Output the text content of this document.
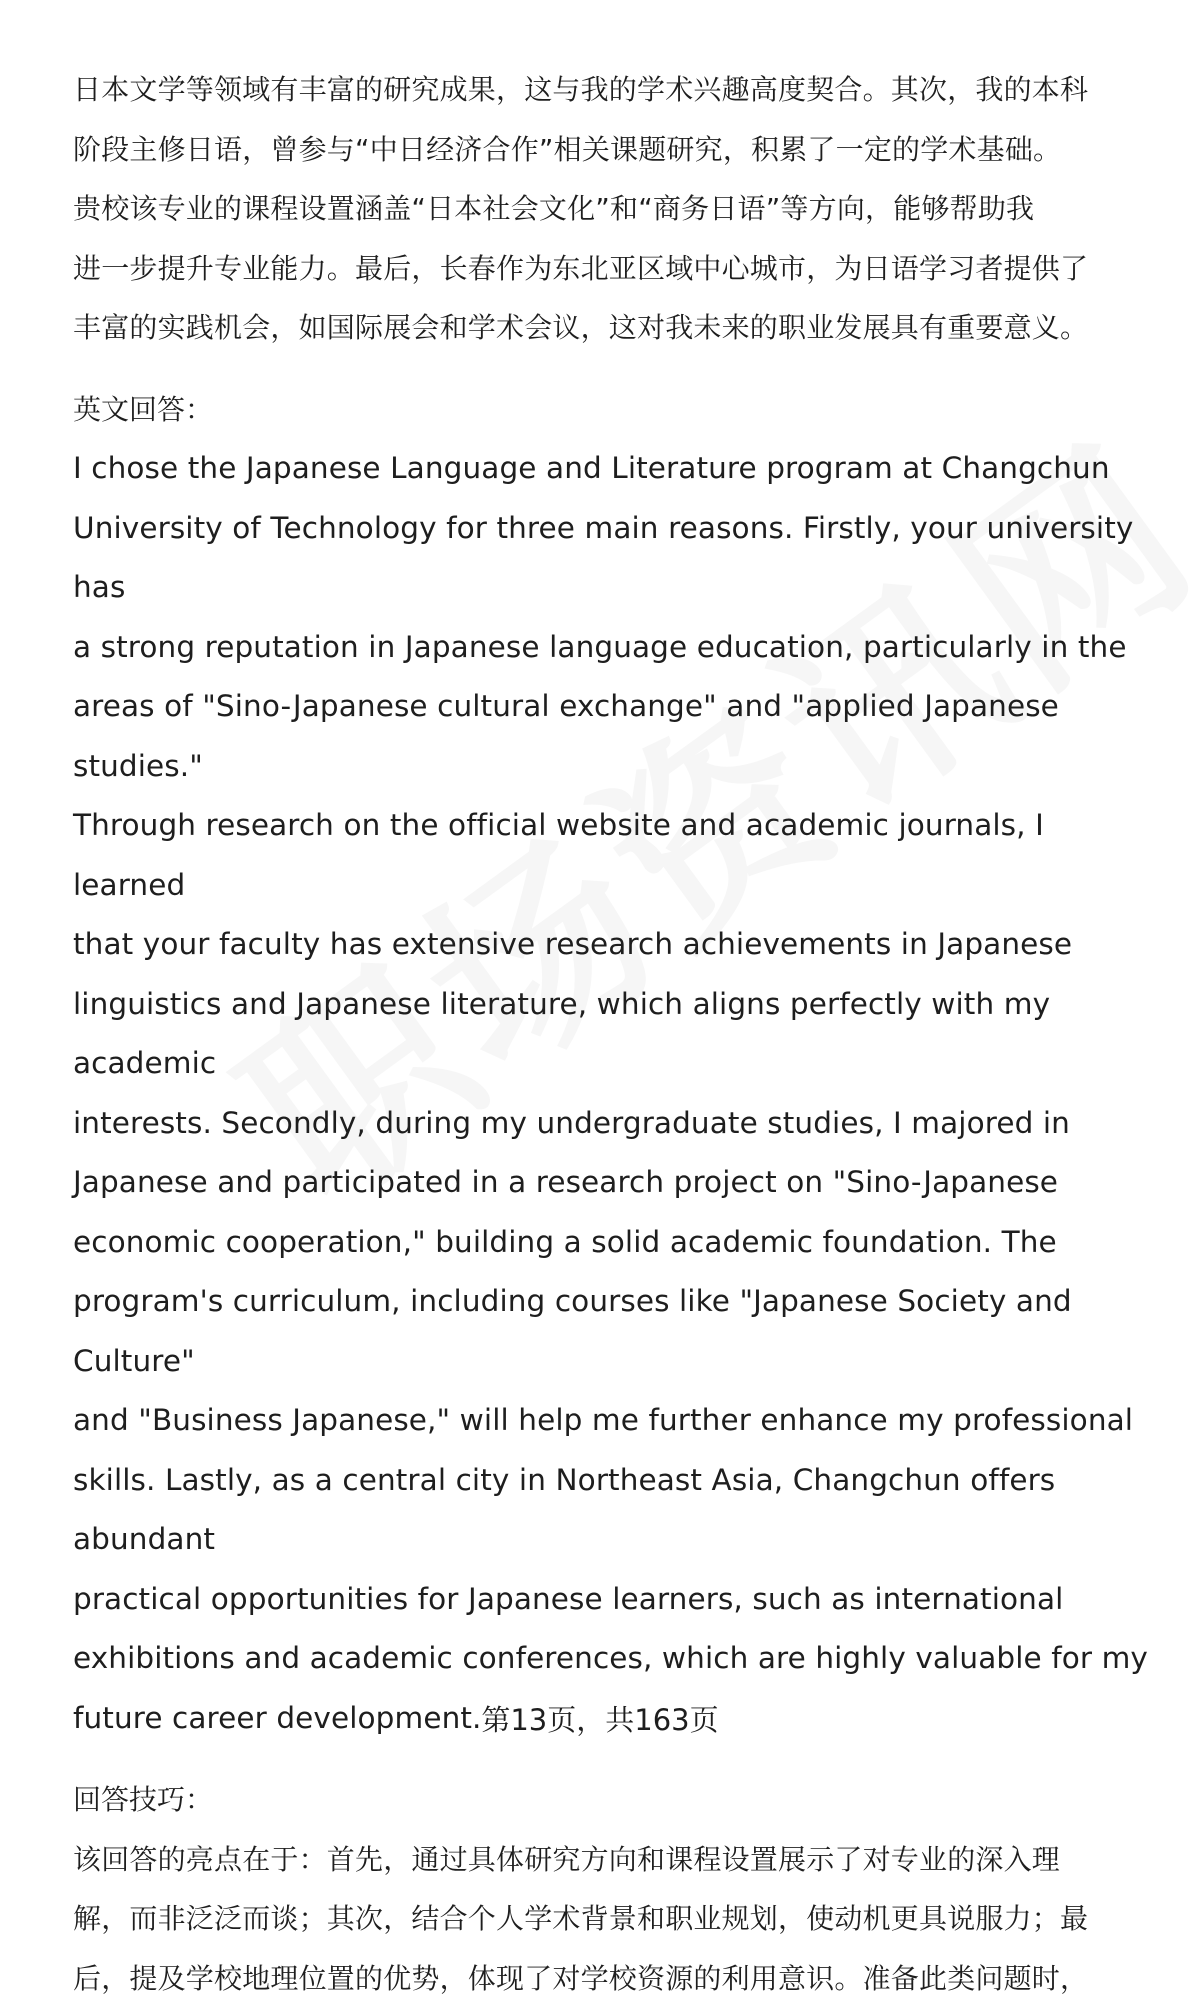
日本文学等领域有丰富的研究成果，这与我的学术兴趣高度契合。其次，我的本科
阶段主修日语，曾参与“中日经济合作”相关课题研究，积累了一定的学术基础。
贵校该专业的课程设置涵盖“日本社会文化”和“商务日语”等方向，能够帮助我
进一步提升专业能力。最后，长春作为东北亚区域中心城市，为日语学习者提供了
丰富的实践机会，如国际展会和学术会议，这对我未来的职业发展具有重要意义。

英文回答：

I chose the Japanese Language and Literature program at Changchun
University of Technology for three main reasons. Firstly, your university has
a strong reputation in Japanese language education, particularly in the
areas of "Sino-Japanese cultural exchange" and "applied Japanese studies."
Through research on the official website and academic journals, I learned
that your faculty has extensive research achievements in Japanese
linguistics and Japanese literature, which aligns perfectly with my academic
interests. Secondly, during my undergraduate studies, I majored in
Japanese and participated in a research project on "Sino-Japanese
economic cooperation," building a solid academic foundation. The
program's curriculum, including courses like "Japanese Society and Culture"
and "Business Japanese," will help me further enhance my professional
skills. Lastly, as a central city in Northeast Asia, Changchun offers abundant
practical opportunities for Japanese learners, such as international
exhibitions and academic conferences, which are highly valuable for my
future career development.

回答技巧：

该回答的亮点在于：首先，通过具体研究方向和课程设置展示了对专业的深入理
解，而非泛泛而谈；其次，结合个人学术背景和职业规划，使动机更具说服力；最
后，提及学校地理位置的优势，体现了对学校资源的利用意识。准备此类问题时，

第13页，共163页
